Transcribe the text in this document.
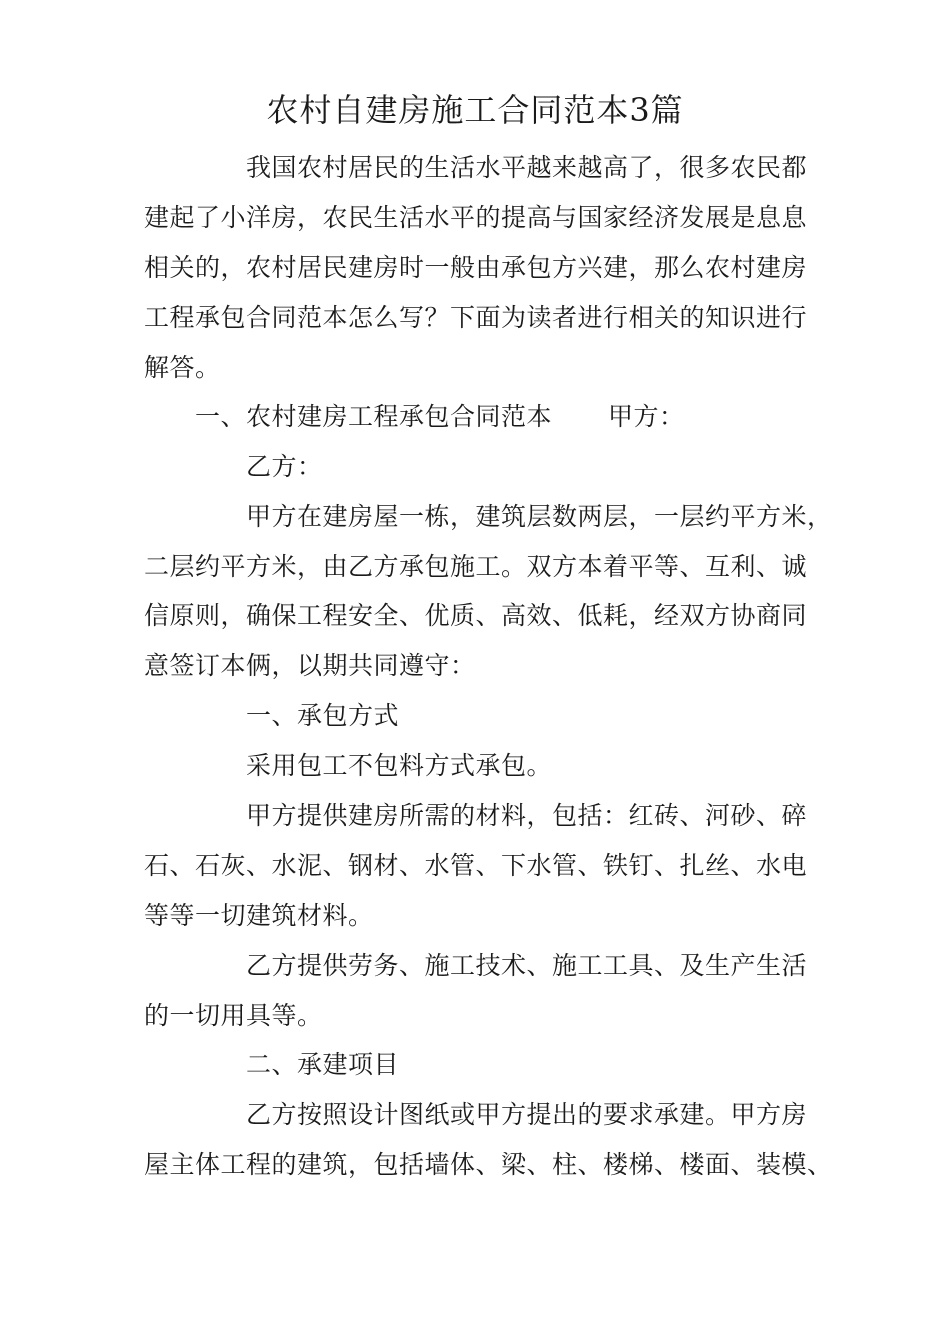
农村自建房施工合同范本3篇
我国农村居民的生活水平越来越高了，很多农民都
建起了小洋房，农民生活水平的提高与国家经济发展是息息
相关的，农村居民建房时一般由承包方兴建，那么农村建房
工程承包合同范本怎么写？下面为读者进行相关的知识进行
解答。
一、农村建房工程承包合同范本 甲方：
乙方：
甲方在建房屋一栋，建筑层数两层，一层约平方米，
二层约平方米，由乙方承包施工。双方本着平等、互利、诚
信原则，确保工程安全、优质、高效、低耗，经双方协商同
意签订本俩，以期共同遵守：
一、承包方式
采用包工不包料方式承包。
甲方提供建房所需的材料，包括：红砖、河砂、碎
石、石灰、水泥、钢材、水管、下水管、铁钉、扎丝、水电
等等一切建筑材料。
乙方提供劳务、施工技术、施工工具、及生产生活
的一切用具等。
二、承建项目
乙方按照设计图纸或甲方提出的要求承建。甲方房
屋主体工程的建筑，包括墙体、梁、柱、楼梯、楼面、装模、
